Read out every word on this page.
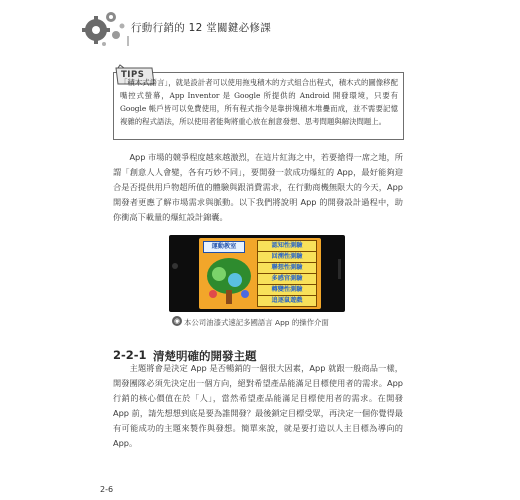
行動行銷的 12 堂關鍵必修課
TIPS
「積木式語言」，就是設計者可以使用拖曳積木的方式組合出程式，積木式的圖像移配嘴控式螢幕，App Inventor 是 Google 所提供的 Android 開發環境，只要有 Google 帳戶皆可以免費使用，所有程式指令是靠拼塊積木堆疊而成，並不需要記憶複雜的程式語法，所以使用者能夠將重心放在創意發想、思考問題與解決問題上。
　　App 市場的競爭程度越來越激烈，在這片紅海之中，若要搶得一席之地，所謂「創意人人會變，各有巧妙不同」，要開發一款成功爆紅的 App，最好能夠迎合是否提供用戶物超所值的體驗與跟消費需求，在行動商機無限大的今天，App 開發者更應了解市場需求與脈動。以下我們將說明 App 的開發設計過程中，助你衝高下載量的爆紅設計錦囊。
運動教室	認知性測驗
回溯性測驗
聯想性測驗
多感官測驗
轉變性測驗
追逐鼠遊戲
◉ 本公司油漆式速記多國語言 App 的操作介面
2-2-1 清楚明確的開發主題
　　主題將會是決定 App 是否暢銷的一個很大因素，App 就跟一般商品一樣，開發團隊必須先決定出一個方向，絕對希望產品能滿足目標使用者的需求。App 行銷的核心價值在於「人」，當然希望產品能滿足目標使用者的需求。在開發 App 前，請先想想到底是要為誰開發？最後鎖定目標受眾，再決定一個你覺得最有可能成功的主題來製作與發想。簡單來說，就是要打造以人主目標為導向的 App。
2-6
